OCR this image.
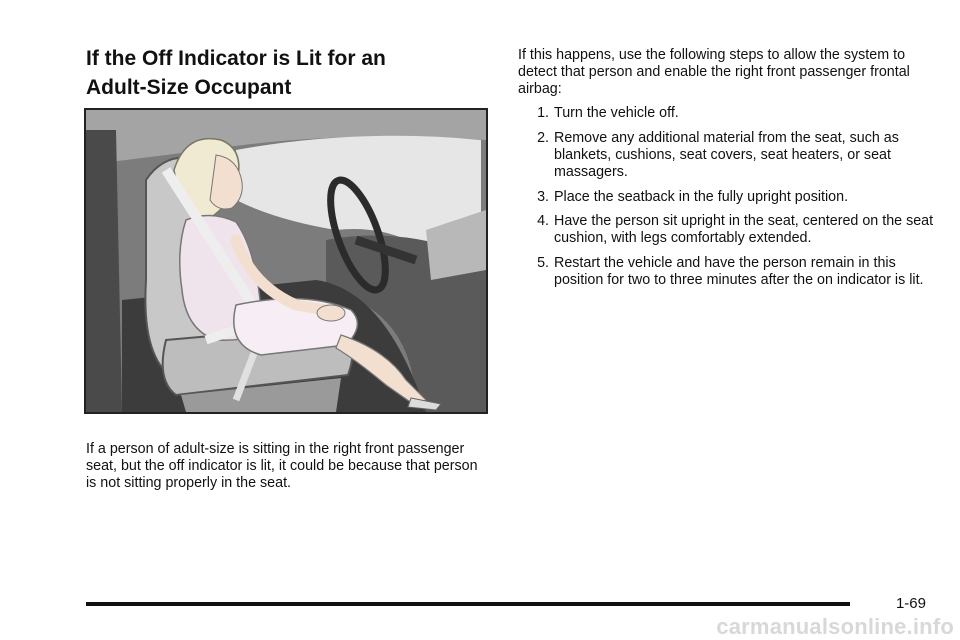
If the Off Indicator is Lit for an
Adult-Size Occupant

If a person of adult-size is sitting in the right front passenger seat, but the off indicator is lit, it could be because that person is not sitting properly in the seat.

If this happens, use the following steps to allow the system to detect that person and enable the right front passenger frontal airbag:

1. Turn the vehicle off.
2. Remove any additional material from the seat, such as blankets, cushions, seat covers, seat heaters, or seat massagers.
3. Place the seatback in the fully upright position.
4. Have the person sit upright in the seat, centered on the seat cushion, with legs comfortably extended.
5. Restart the vehicle and have the person remain in this position for two to three minutes after the on indicator is lit.
1-69
carmanualsonline.info
